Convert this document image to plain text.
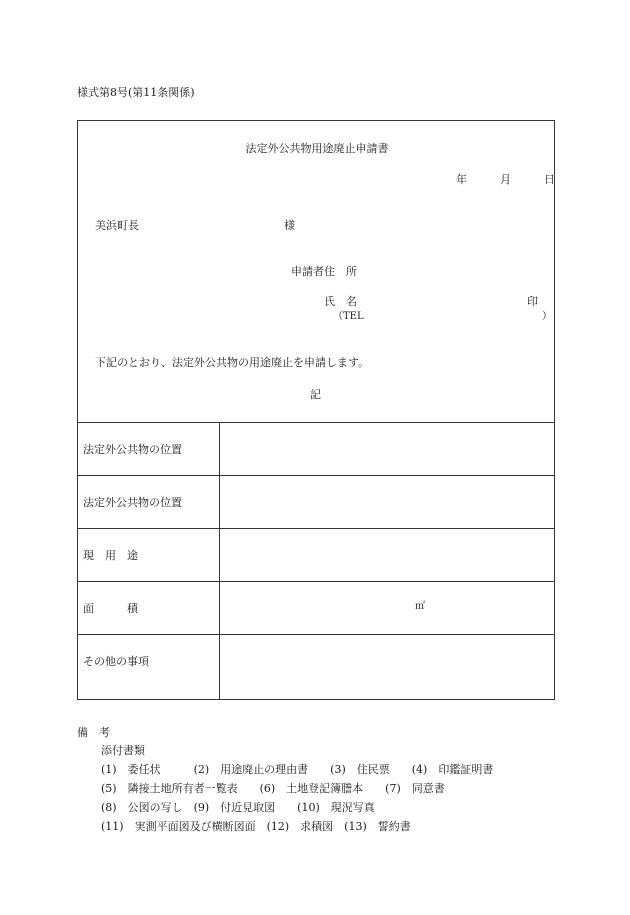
様式第8号(第11条関係)
法定外公共物用途廃止申請書
年	月	日
美浜町長	様
申請者住　所
氏　名	印
（TEL	）
下記のとおり、法定外公共物の用途廃止を申請します。
記
法定外公共物の位置
法定外公共物の位置
現　用　途
面　　　積	㎡
その他の事項
備　考
添付書類
(1)　委任状　　　(2)　用途廃止の理由書　　(3)　住民票　　(4)　印鑑証明書
(5)　隣接土地所有者一覧表　　(6)　土地登記簿謄本　　(7)　同意書
(8)　公図の写し　(9)　付近見取図　　(10)　現況写真
(11)　実測平面図及び横断図面　(12)　求積図　(13)　誓約書
